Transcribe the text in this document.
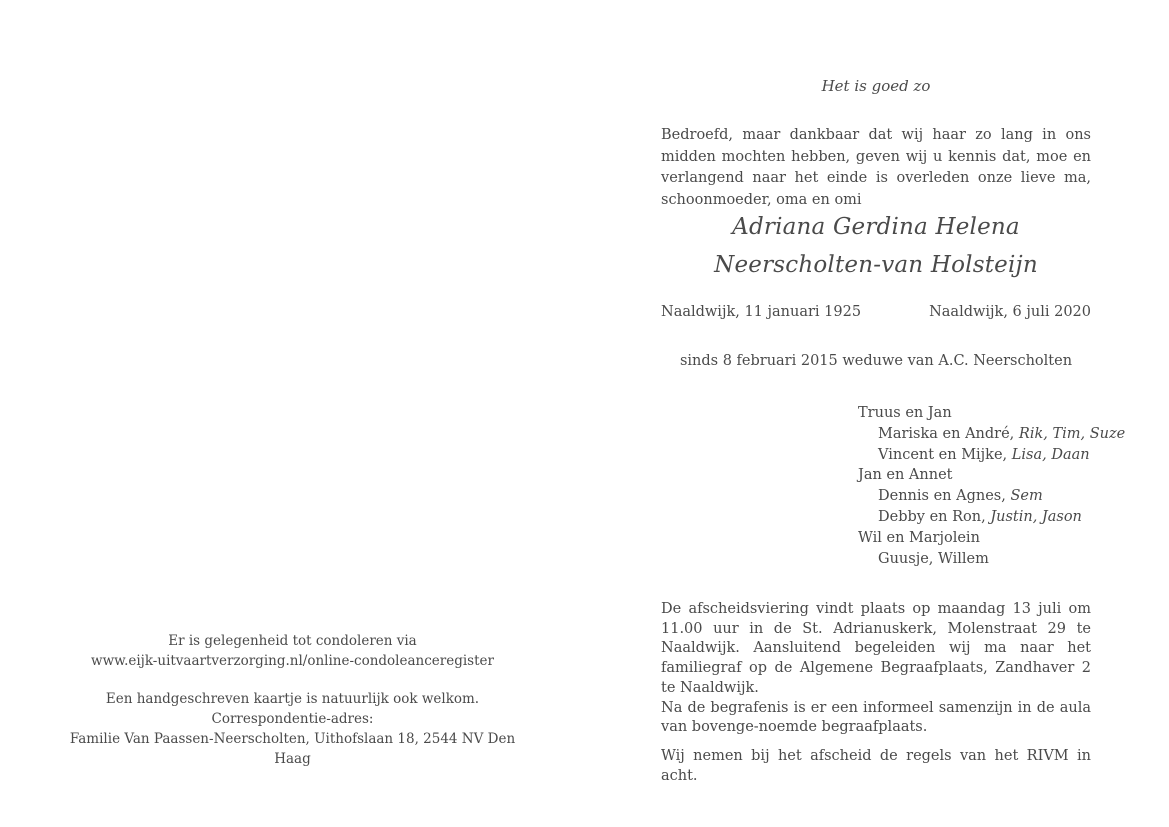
Er is gelegenheid tot condoleren via
www.eijk-uitvaartverzorging.nl/online-condoleanceregister
Een handgeschreven kaartje is natuurlijk ook welkom.
Correspondentie-adres:
Familie Van Paassen-Neerscholten, Uithofslaan 18, 2544 NV Den Haag
Het is goed zo
Bedroefd, maar dankbaar dat wij haar zo lang in ons midden mochten hebben, geven wij u kennis dat, moe en verlangend naar het einde is overleden onze lieve ma, schoonmoeder, oma en omi
Adriana Gerdina Helena
Neerscholten-van Holsteijn
Naaldwijk, 11 januari 1925	Naaldwijk, 6 juli 2020
sinds 8 februari 2015 weduwe van A.C. Neerscholten
Truus en Jan
Mariska en André, Rik, Tim, Suze
Vincent en Mijke, Lisa, Daan
Jan en Annet
Dennis en Agnes, Sem
Debby en Ron, Justin, Jason
Wil en Marjolein
Guusje, Willem

De afscheidsviering vindt plaats op maandag 13 juli om 11.00 uur in de St. Adrianuskerk, Molenstraat 29 te Naaldwijk. Aansluitend begeleiden wij ma naar het familiegraf op de Algemene Begraafplaats, Zandhaver 2 te Naaldwijk.

Na de begrafenis is er een informeel samenzijn in de aula van bovenge-noemde begraafplaats.

Wij nemen bij het afscheid de regels van het RIVM in acht.
